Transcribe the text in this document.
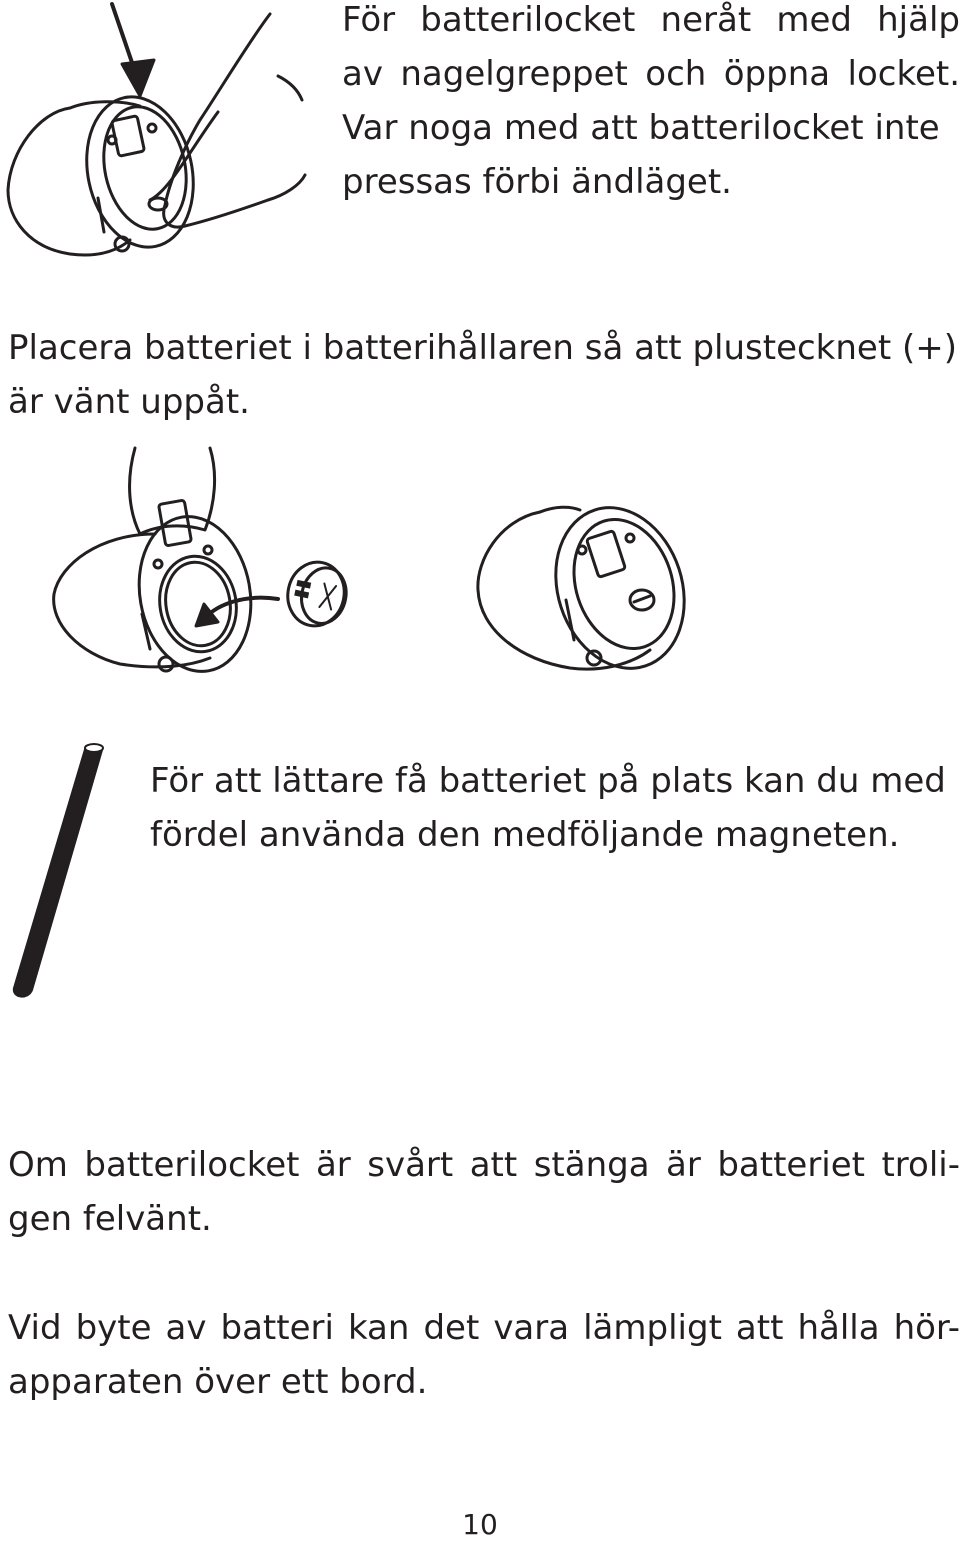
För batterilocket neråt med hjälp
av nagelgreppet och öppna locket.
Var noga med att batterilocket inte
pressas förbi ändläget.
Placera batteriet i batterihållaren så att plustecknet (+)
är vänt uppåt.
För att lättare få batteriet på plats kan du med
fördel använda den medföljande magneten.
Om batterilocket är svårt att stänga är batteriet troli-
gen felvänt.
Vid byte av batteri kan det vara lämpligt att hålla hör-
apparaten över ett bord.
10
